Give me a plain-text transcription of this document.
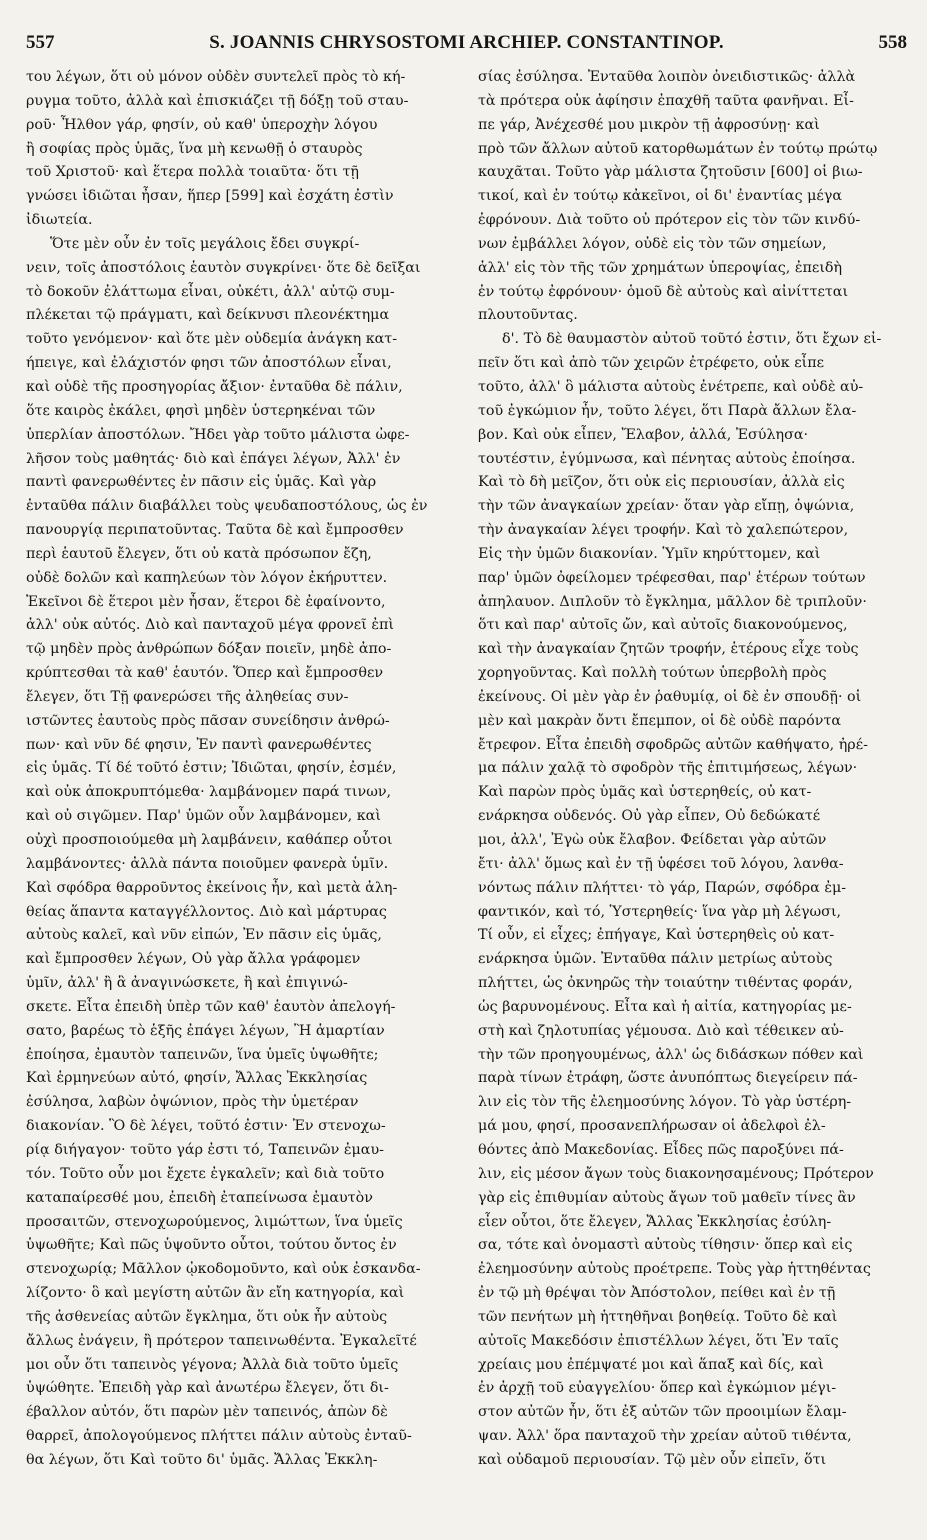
557	S. JOANNIS CHRYSOSTOMI ARCHIEP. CONSTANTINOP.	558
του λέγων, ὅτι οὐ μόνον οὐδὲν συντελεῖ πρὸς τὸ κή-
ρυγμα τοῦτο, ἀλλὰ καὶ ἐπισκιάζει τῇ δόξῃ τοῦ σταυ-
ροῦ· Ἦλθον γάρ, φησίν, οὐ καθ' ὑπεροχὴν λόγου
ἢ σοφίας πρὸς ὑμᾶς, ἵνα μὴ κενωθῇ ὁ σταυρὸς
τοῦ Χριστοῦ· καὶ ἕτερα πολλὰ τοιαῦτα· ὅτι τῇ
γνώσει ἰδιῶται ἦσαν, ἥπερ [599] καὶ ἐσχάτη ἐστὶν
ἰδιωτεία.
Ὅτε μὲν οὖν ἐν τοῖς μεγάλοις ἔδει συγκρί-
νειν, τοῖς ἀποστόλοις ἑαυτὸν συγκρίνει· ὅτε δὲ δεῖξαι
τὸ δοκοῦν ἐλάττωμα εἶναι, οὐκέτι, ἀλλ' αὐτῷ συμ-
πλέκεται τῷ πράγματι, καὶ δείκνυσι πλεονέκτημα
τοῦτο γενόμενον· καὶ ὅτε μὲν οὐδεμία ἀνάγκη κατ-
ήπειγε, καὶ ἐλάχιστόν φησι τῶν ἀποστόλων εἶναι,
καὶ οὐδὲ τῆς προσηγορίας ἄξιον· ἐνταῦθα δὲ πάλιν,
ὅτε καιρὸς ἐκάλει, φησὶ μηδὲν ὑστερηκέναι τῶν
ὑπερλίαν ἀποστόλων. Ἤδει γὰρ τοῦτο μάλιστα ὠφε-
λῆσον τοὺς μαθητάς· διὸ καὶ ἐπάγει λέγων, Ἀλλ' ἐν
παντὶ φανερωθέντες ἐν πᾶσιν εἰς ὑμᾶς. Καὶ γὰρ
ἐνταῦθα πάλιν διαβάλλει τοὺς ψευδαποστόλους, ὡς ἐν
πανουργίᾳ περιπατοῦντας. Ταῦτα δὲ καὶ ἔμπροσθεν
περὶ ἑαυτοῦ ἔλεγεν, ὅτι οὐ κατὰ πρόσωπον ἔζη,
οὐδὲ δολῶν καὶ καπηλεύων τὸν λόγον ἐκήρυττεν.
Ἐκεῖνοι δὲ ἕτεροι μὲν ἦσαν, ἕτεροι δὲ ἐφαίνοντο,
ἀλλ' οὐκ αὐτός. Διὸ καὶ πανταχοῦ μέγα φρονεῖ ἐπὶ
τῷ μηδὲν πρὸς ἀνθρώπων δόξαν ποιεῖν, μηδὲ ἀπο-
κρύπτεσθαι τὰ καθ' ἑαυτόν. Ὅπερ καὶ ἔμπροσθεν
ἔλεγεν, ὅτι Τῇ φανερώσει τῆς ἀληθείας συν-
ιστῶντες ἑαυτοὺς πρὸς πᾶσαν συνείδησιν ἀνθρώ-
πων· καὶ νῦν δέ φησιν, Ἐν παντὶ φανερωθέντες
εἰς ὑμᾶς. Τί δέ τοῦτό ἐστιν; Ἰδιῶται, φησίν, ἐσμέν,
καὶ οὐκ ἀποκρυπτόμεθα· λαμβάνομεν παρά τινων,
καὶ οὐ σιγῶμεν. Παρ' ὑμῶν οὖν λαμβάνομεν, καὶ
οὐχὶ προσποιούμεθα μὴ λαμβάνειν, καθάπερ οὗτοι
λαμβάνοντες· ἀλλὰ πάντα ποιοῦμεν φανερὰ ὑμῖν.
Καὶ σφόδρα θαρροῦντος ἐκείνοις ἦν, καὶ μετὰ ἀλη-
θείας ἅπαντα καταγγέλλοντος. Διὸ καὶ μάρτυρας
αὐτοὺς καλεῖ, καὶ νῦν εἰπών, Ἐν πᾶσιν εἰς ὑμᾶς,
καὶ ἔμπροσθεν λέγων, Οὐ γὰρ ἄλλα γράφομεν
ὑμῖν, ἀλλ' ἢ ἃ ἀναγινώσκετε, ἢ καὶ ἐπιγινώ-
σκετε. Εἶτα ἐπειδὴ ὑπὲρ τῶν καθ' ἑαυτὸν ἀπελογή-
σατο, βαρέως τὸ ἑξῆς ἐπάγει λέγων, Ἢ ἁμαρτίαν
ἐποίησα, ἐμαυτὸν ταπεινῶν, ἵνα ὑμεῖς ὑψωθῆτε;
Καὶ ἑρμηνεύων αὐτό, φησίν, Ἄλλας Ἐκκλησίας
ἐσύλησα, λαβὼν ὀψώνιον, πρὸς τὴν ὑμετέραν
διακονίαν. Ὃ δὲ λέγει, τοῦτό ἐστιν· Ἐν στενοχω-
ρίᾳ διήγαγον· τοῦτο γάρ ἐστι τό, Ταπεινῶν ἐμαυ-
τόν. Τοῦτο οὖν μοι ἔχετε ἐγκαλεῖν; καὶ διὰ τοῦτο
καταπαίρεσθέ μου, ἐπειδὴ ἐταπείνωσα ἐμαυτὸν
προσαιτῶν, στενοχωρούμενος, λιμώττων, ἵνα ὑμεῖς
ὑψωθῆτε; Καὶ πῶς ὑψοῦντο οὗτοι, τούτου ὄντος ἐν
στενοχωρίᾳ; Μᾶλλον ᾠκοδομοῦντο, καὶ οὐκ ἐσκανδα-
λίζοντο· ὃ καὶ μεγίστη αὐτῶν ἂν εἴη κατηγορία, καὶ
τῆς ἀσθενείας αὐτῶν ἔγκλημα, ὅτι οὐκ ἦν αὐτοὺς
ἄλλως ἐνάγειν, ἢ πρότερον ταπεινωθέντα. Ἐγκαλεῖτέ
μοι οὖν ὅτι ταπεινὸς γέγονα; Ἀλλὰ διὰ τοῦτο ὑμεῖς
ὑψώθητε. Ἐπειδὴ γὰρ καὶ ἀνωτέρω ἔλεγεν, ὅτι δι-
έβαλλον αὐτόν, ὅτι παρὼν μὲν ταπεινός, ἀπὼν δὲ
θαρρεῖ, ἀπολογούμενος πλήττει πάλιν αὐτοὺς ἐνταῦ-
θα λέγων, ὅτι Καὶ τοῦτο δι' ὑμᾶς. Ἄλλας Ἐκκλη-
σίας ἐσύλησα. Ἐνταῦθα λοιπὸν ὀνειδιστικῶς· ἀλλὰ
τὰ πρότερα οὐκ ἀφίησιν ἐπαχθῆ ταῦτα φανῆναι. Εἶ-
πε γάρ, Ἀνέχεσθέ μου μικρὸν τῇ ἀφροσύνῃ· καὶ
πρὸ τῶν ἄλλων αὐτοῦ κατορθωμάτων ἐν τούτῳ πρώτῳ
καυχᾶται. Τοῦτο γὰρ μάλιστα ζητοῦσιν [600] οἱ βιω-
τικοί, καὶ ἐν τούτῳ κἀκεῖνοι, οἱ δι' ἐναντίας μέγα
ἐφρόνουν. Διὰ τοῦτο οὐ πρότερον εἰς τὸν τῶν κινδύ-
νων ἐμβάλλει λόγον, οὐδὲ εἰς τὸν τῶν σημείων,
ἀλλ' εἰς τὸν τῆς τῶν χρημάτων ὑπεροψίας, ἐπειδὴ
ἐν τούτῳ ἐφρόνουν· ὁμοῦ δὲ αὐτοὺς καὶ αἰνίττεται
πλουτοῦντας.
δ'. Τὸ δὲ θαυμαστὸν αὐτοῦ τοῦτό ἐστιν, ὅτι ἔχων εἰ-
πεῖν ὅτι καὶ ἀπὸ τῶν χειρῶν ἐτρέφετο, οὐκ εἶπε
τοῦτο, ἀλλ' ὃ μάλιστα αὐτοὺς ἐνέτρεπε, καὶ οὐδὲ αὐ-
τοῦ ἐγκώμιον ἦν, τοῦτο λέγει, ὅτι Παρὰ ἄλλων ἔλα-
βον. Καὶ οὐκ εἶπεν, Ἔλαβον, ἀλλά, Ἐσύλησα·
τουτέστιν, ἐγύμνωσα, καὶ πένητας αὐτοὺς ἐποίησα.
Καὶ τὸ δὴ μεῖζον, ὅτι οὐκ εἰς περιουσίαν, ἀλλὰ εἰς
τὴν τῶν ἀναγκαίων χρείαν· ὅταν γὰρ εἴπῃ, ὀψώνια,
τὴν ἀναγκαίαν λέγει τροφήν. Καὶ τὸ χαλεπώτερον,
Εἰς τὴν ὑμῶν διακονίαν. Ὑμῖν κηρύττομεν, καὶ
παρ' ὑμῶν ὀφείλομεν τρέφεσθαι, παρ' ἑτέρων τούτων
ἀπηλαυον. Διπλοῦν τὸ ἔγκλημα, μᾶλλον δὲ τριπλοῦν·
ὅτι καὶ παρ' αὐτοῖς ὤν, καὶ αὐτοῖς διακονούμενος,
καὶ τὴν ἀναγκαίαν ζητῶν τροφήν, ἑτέρους εἶχε τοὺς
χορηγοῦντας. Καὶ πολλὴ τούτων ὑπερβολὴ πρὸς
ἐκείνους. Οἱ μὲν γὰρ ἐν ῥαθυμίᾳ, οἱ δὲ ἐν σπουδῇ· οἱ
μὲν καὶ μακρὰν ὄντι ἔπεμπον, οἱ δὲ οὐδὲ παρόντα
ἔτρεφον. Εἶτα ἐπειδὴ σφοδρῶς αὐτῶν καθήψατο, ἠρέ-
μα πάλιν χαλᾷ τὸ σφοδρὸν τῆς ἐπιτιμήσεως, λέγων·
Καὶ παρὼν πρὸς ὑμᾶς καὶ ὑστερηθείς, οὐ κατ-
ενάρκησα οὐδενός. Οὐ γὰρ εἶπεν, Οὐ δεδώκατέ
μοι, ἀλλ', Ἐγὼ οὐκ ἔλαβον. Φείδεται γὰρ αὐτῶν
ἔτι· ἀλλ' ὅμως καὶ ἐν τῇ ὑφέσει τοῦ λόγου, λανθα-
νόντως πάλιν πλήττει· τὸ γάρ, Παρών, σφόδρα ἐμ-
φαντικόν, καὶ τό, Ὑστερηθείς· ἵνα γὰρ μὴ λέγωσι,
Τί οὖν, εἰ εἶχες; ἐπήγαγε, Καὶ ὑστερηθεὶς οὐ κατ-
ενάρκησα ὑμῶν. Ἐνταῦθα πάλιν μετρίως αὐτοὺς
πλήττει, ὡς ὀκνηρῶς τὴν τοιαύτην τιθέντας φοράν,
ὡς βαρυνομένους. Εἶτα καὶ ἡ αἰτία, κατηγορίας με-
στὴ καὶ ζηλοτυπίας γέμουσα. Διὸ καὶ τέθεικεν αὐ-
τὴν τῶν προηγουμένως, ἀλλ' ὡς διδάσκων πόθεν καὶ
παρὰ τίνων ἐτράφη, ὥστε ἀνυπόπτως διεγείρειν πά-
λιν εἰς τὸν τῆς ἐλεημοσύνης λόγον. Τὸ γὰρ ὑστέρη-
μά μου, φησί, προσανεπλήρωσαν οἱ ἀδελφοὶ ἐλ-
θόντες ἀπὸ Μακεδονίας. Εἶδες πῶς παροξύνει πά-
λιν, εἰς μέσον ἄγων τοὺς διακονησαμένους; Πρότερον
γὰρ εἰς ἐπιθυμίαν αὐτοὺς ἄγων τοῦ μαθεῖν τίνες ἂν
εἶεν οὗτοι, ὅτε ἔλεγεν, Ἄλλας Ἐκκλησίας ἐσύλη-
σα, τότε καὶ ὀνομαστὶ αὐτοὺς τίθησιν· ὅπερ καὶ εἰς
ἐλεημοσύνην αὐτοὺς προέτρεπε. Τοὺς γὰρ ἡττηθέντας
ἐν τῷ μὴ θρέψαι τὸν Ἀπόστολον, πείθει καὶ ἐν τῇ
τῶν πενήτων μὴ ἡττηθῆναι βοηθείᾳ. Τοῦτο δὲ καὶ
αὐτοῖς Μακεδόσιν ἐπιστέλλων λέγει, ὅτι Ἐν ταῖς
χρείαις μου ἐπέμψατέ μοι καὶ ἅπαξ καὶ δίς, καὶ
ἐν ἀρχῇ τοῦ εὐαγγελίου· ὅπερ καὶ ἐγκώμιον μέγι-
στον αὐτῶν ἦν, ὅτι ἐξ αὐτῶν τῶν προοιμίων ἔλαμ-
ψαν. Ἀλλ' ὅρα πανταχοῦ τὴν χρείαν αὐτοῦ τιθέντα,
καὶ οὐδαμοῦ περιουσίαν. Τῷ μὲν οὖν εἰπεῖν, ὅτι
